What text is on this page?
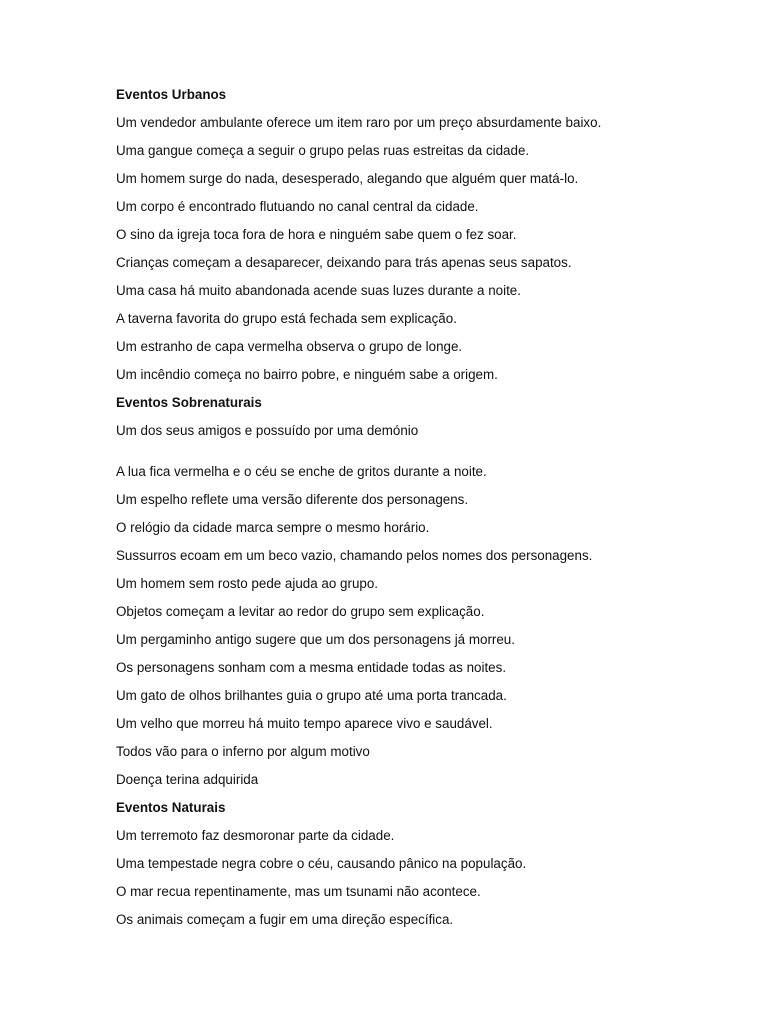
Eventos Urbanos
Um vendedor ambulante oferece um item raro por um preço absurdamente baixo.
Uma gangue começa a seguir o grupo pelas ruas estreitas da cidade.
Um homem surge do nada, desesperado, alegando que alguém quer matá-lo.
Um corpo é encontrado flutuando no canal central da cidade.
O sino da igreja toca fora de hora e ninguém sabe quem o fez soar.
Crianças começam a desaparecer, deixando para trás apenas seus sapatos.
Uma casa há muito abandonada acende suas luzes durante a noite.
A taverna favorita do grupo está fechada sem explicação.
Um estranho de capa vermelha observa o grupo de longe.
Um incêndio começa no bairro pobre, e ninguém sabe a origem.
Eventos Sobrenaturais
Um dos seus amigos e possuído por uma demónio
A lua fica vermelha e o céu se enche de gritos durante a noite.
Um espelho reflete uma versão diferente dos personagens.
O relógio da cidade marca sempre o mesmo horário.
Sussurros ecoam em um beco vazio, chamando pelos nomes dos personagens.
Um homem sem rosto pede ajuda ao grupo.
Objetos começam a levitar ao redor do grupo sem explicação.
Um pergaminho antigo sugere que um dos personagens já morreu.
Os personagens sonham com a mesma entidade todas as noites.
Um gato de olhos brilhantes guia o grupo até uma porta trancada.
Um velho que morreu há muito tempo aparece vivo e saudável.
Todos vão para o inferno por algum motivo
Doença terina adquirida
Eventos Naturais
Um terremoto faz desmoronar parte da cidade.
Uma tempestade negra cobre o céu, causando pânico na população.
O mar recua repentinamente, mas um tsunami não acontece.
Os animais começam a fugir em uma direção específica.
